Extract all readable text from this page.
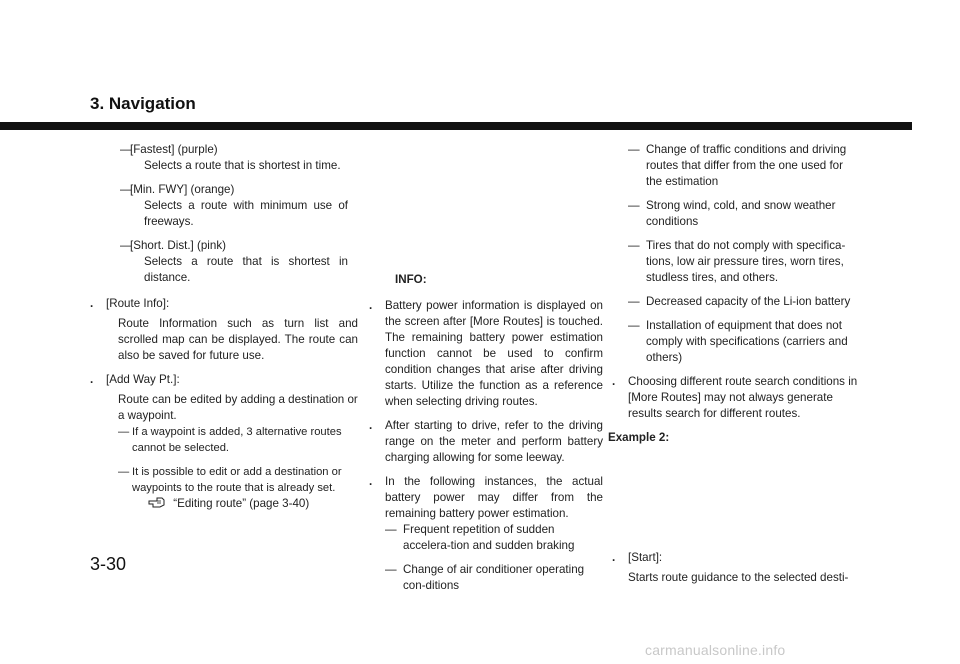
3. Navigation
—
[Fastest] (purple)
Selects a route that is shortest in time.
—
[Min. FWY] (orange)
Selects a route with minimum use of freeways.
—
[Short. Dist.] (pink)
Selects a route that is shortest in distance.
. [Route Info]:
Route Information such as turn list and scrolled map can be displayed. The route can also be saved for future use.
. [Add Way Pt.]:
Route can be edited by adding a destination or a waypoint.
— If a waypoint is added, 3 alternative routes cannot be selected.
— It is possible to edit or add a destination or waypoints to the route that is already set.
“Editing route” (page 3-40)
INFO:
. Battery power information is displayed on the screen after [More Routes] is touched. The remaining battery power estimation function cannot be used to confirm condition changes that arise after driving starts. Utilize the function as a reference when selecting driving routes.
. After starting to drive, refer to the driving range on the meter and perform battery charging allowing for some leeway.
. In the following instances, the actual battery power may differ from the remaining battery power estimation.
— Frequent repetition of sudden accelera-tion and sudden braking
— Change of air conditioner operating con-ditions
— Change of traffic conditions and driving routes that differ from the one used for the estimation
— Strong wind, cold, and snow weather conditions
— Tires that do not comply with specifica-tions, low air pressure tires, worn tires, studless tires, and others.
— Decreased capacity of the Li-ion battery
— Installation of equipment that does not comply with specifications (carriers and others)
. Choosing different route search conditions in [More Routes] may not always generate results search for different routes.
Example 2:
. [Start]:
Starts route guidance to the selected desti-
3-30
carmanualsonline.info
